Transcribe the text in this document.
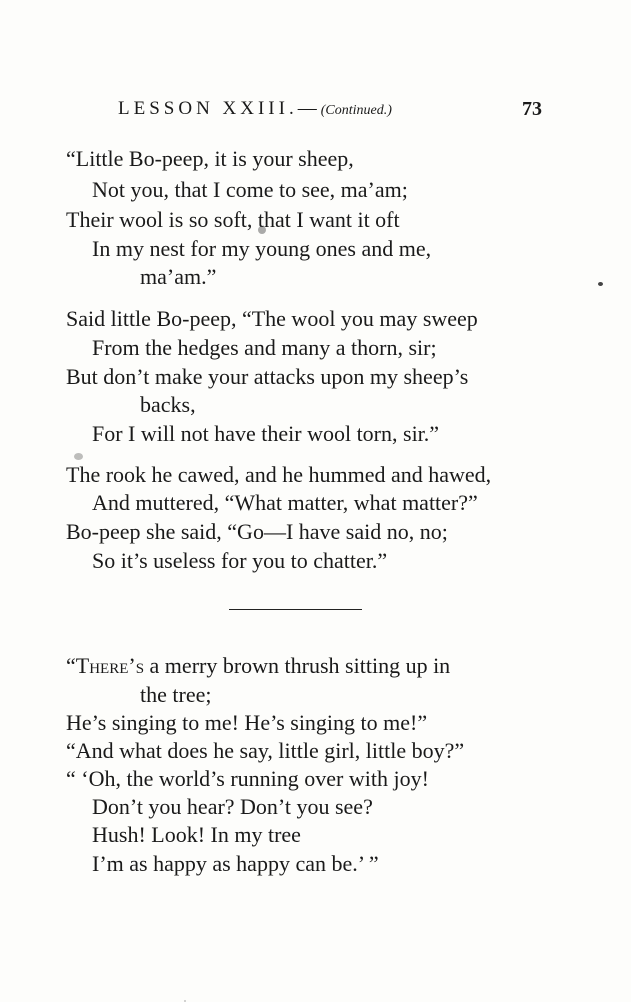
LESSON XXIII.—(Continued.)	73
“Little Bo-peep, it is your sheep,
Not you, that I come to see, ma’am;
Their wool is so soft, that I want it oft
In my nest for my young ones and me,
ma’am.”
Said little Bo-peep, “The wool you may sweep
From the hedges and many a thorn, sir;
But don’t make your attacks upon my sheep’s
backs,
For I will not have their wool torn, sir.”
The rook he cawed, and he hummed and hawed,
And muttered, “What matter, what matter?”
Bo-peep she said, “Go—I have said no, no;
So it’s useless for you to chatter.”
“There’s a merry brown thrush sitting up in
the tree;
He’s singing to me! He’s singing to me!”
“And what does he say, little girl, little boy?”
“ ‘Oh, the world’s running over with joy!
Don’t you hear? Don’t you see?
Hush! Look! In my tree
I’m as happy as happy can be.’ ”
